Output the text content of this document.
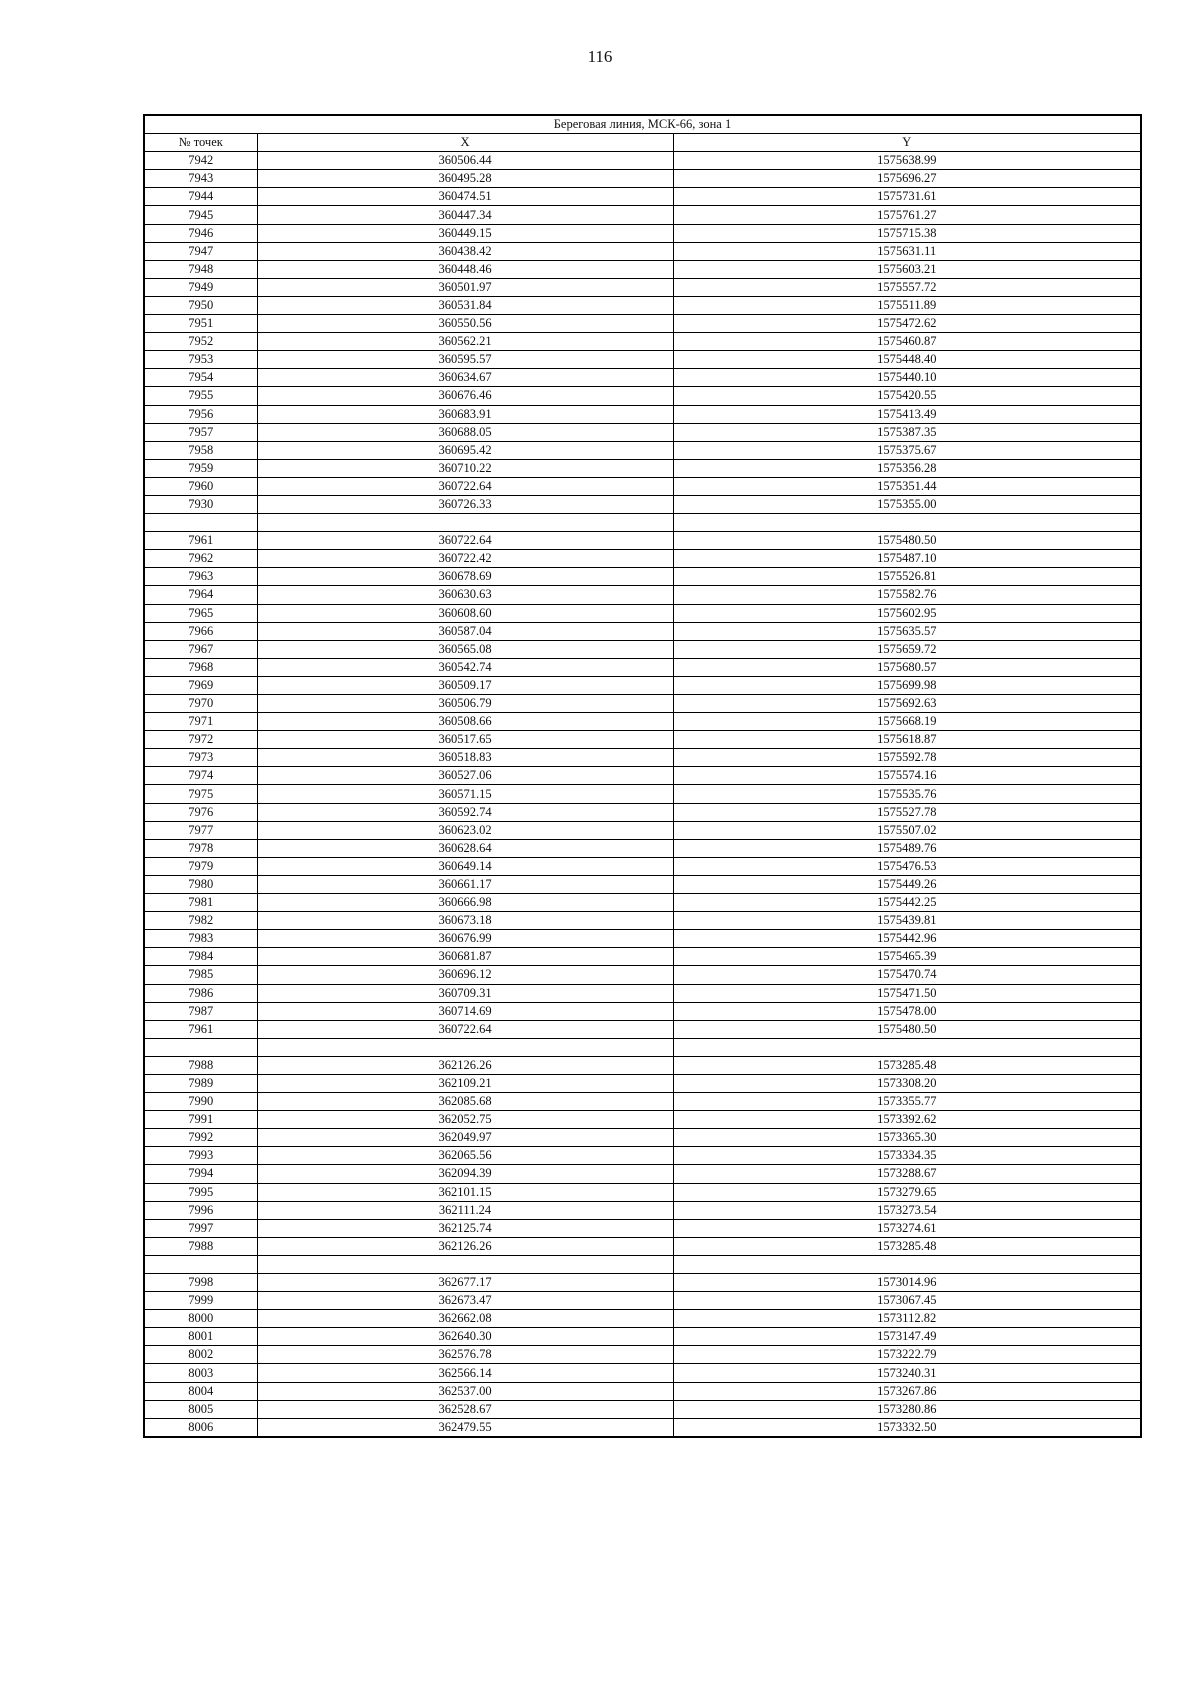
116
Береговая линия, МСК-66, зона 1		
№ точек	X	Y
7942	360506.44	1575638.99
7943	360495.28	1575696.27
7944	360474.51	1575731.61
7945	360447.34	1575761.27
7946	360449.15	1575715.38
7947	360438.42	1575631.11
7948	360448.46	1575603.21
7949	360501.97	1575557.72
7950	360531.84	1575511.89
7951	360550.56	1575472.62
7952	360562.21	1575460.87
7953	360595.57	1575448.40
7954	360634.67	1575440.10
7955	360676.46	1575420.55
7956	360683.91	1575413.49
7957	360688.05	1575387.35
7958	360695.42	1575375.67
7959	360710.22	1575356.28
7960	360722.64	1575351.44
7930	360726.33	1575355.00

7961	360722.64	1575480.50
7962	360722.42	1575487.10
7963	360678.69	1575526.81
7964	360630.63	1575582.76
7965	360608.60	1575602.95
7966	360587.04	1575635.57
7967	360565.08	1575659.72
7968	360542.74	1575680.57
7969	360509.17	1575699.98
7970	360506.79	1575692.63
7971	360508.66	1575668.19
7972	360517.65	1575618.87
7973	360518.83	1575592.78
7974	360527.06	1575574.16
7975	360571.15	1575535.76
7976	360592.74	1575527.78
7977	360623.02	1575507.02
7978	360628.64	1575489.76
7979	360649.14	1575476.53
7980	360661.17	1575449.26
7981	360666.98	1575442.25
7982	360673.18	1575439.81
7983	360676.99	1575442.96
7984	360681.87	1575465.39
7985	360696.12	1575470.74
7986	360709.31	1575471.50
7987	360714.69	1575478.00
7961	360722.64	1575480.50

7988	362126.26	1573285.48
7989	362109.21	1573308.20
7990	362085.68	1573355.77
7991	362052.75	1573392.62
7992	362049.97	1573365.30
7993	362065.56	1573334.35
7994	362094.39	1573288.67
7995	362101.15	1573279.65
7996	362111.24	1573273.54
7997	362125.74	1573274.61
7988	362126.26	1573285.48

7998	362677.17	1573014.96
7999	362673.47	1573067.45
8000	362662.08	1573112.82
8001	362640.30	1573147.49
8002	362576.78	1573222.79
8003	362566.14	1573240.31
8004	362537.00	1573267.86
8005	362528.67	1573280.86
8006	362479.55	1573332.50
